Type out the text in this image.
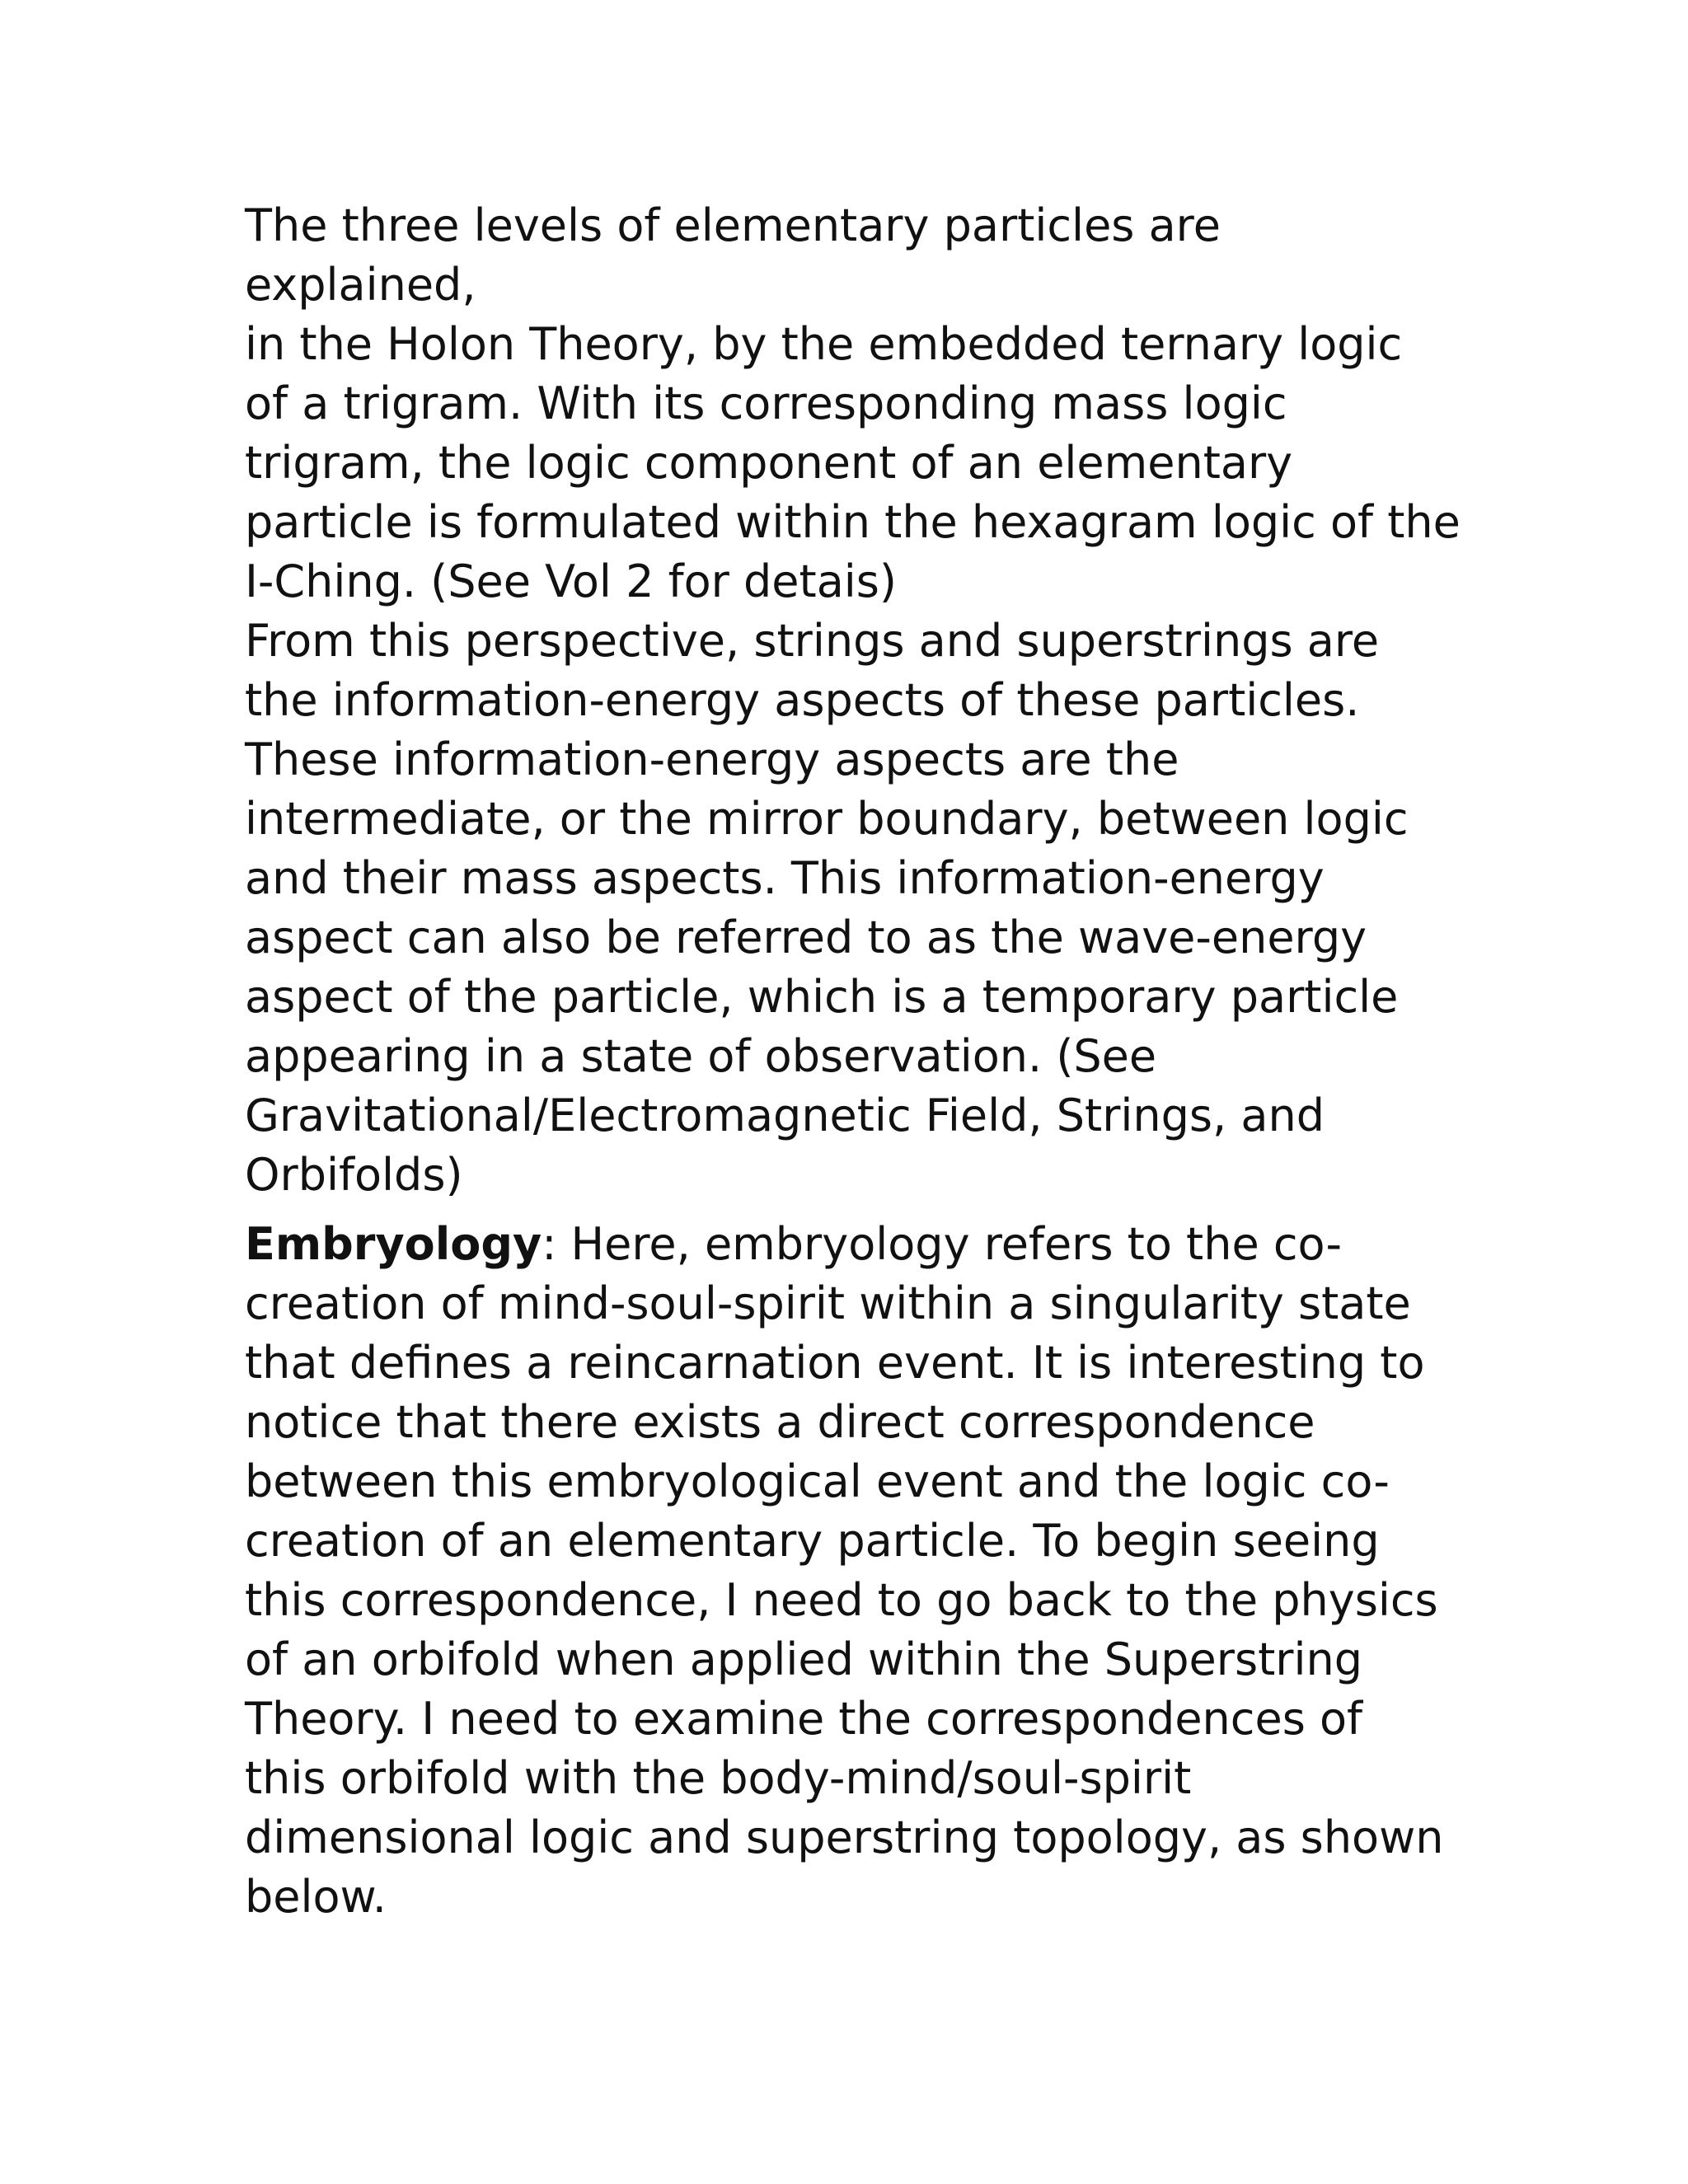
The three levels of elementary particles are explained,
in the Holon Theory, by the embedded ternary logic
of a trigram. With its corresponding mass logic
trigram, the logic component of an elementary
particle is formulated within the hexagram logic of the
I-Ching. (See Vol 2 for detais)

From this perspective, strings and superstrings are
the information-energy aspects of these particles.
These information-energy aspects are the
intermediate, or the mirror boundary, between logic
and their mass aspects. This information-energy
aspect can also be referred to as the wave-energy
aspect of the particle, which is a temporary particle
appearing in a state of observation. (See
Gravitational/Electromagnetic Field, Strings, and
Orbifolds)

Embryology: Here, embryology refers to the co-
creation of mind-soul-spirit within a singularity state
that defines a reincarnation event. It is interesting to
notice that there exists a direct correspondence
between this embryological event and the logic co-
creation of an elementary particle. To begin seeing
this correspondence, I need to go back to the physics
of an orbifold when applied within the Superstring
Theory. I need to examine the correspondences of
this orbifold with the body-mind/soul-spirit
dimensional logic and superstring topology, as shown
below.
